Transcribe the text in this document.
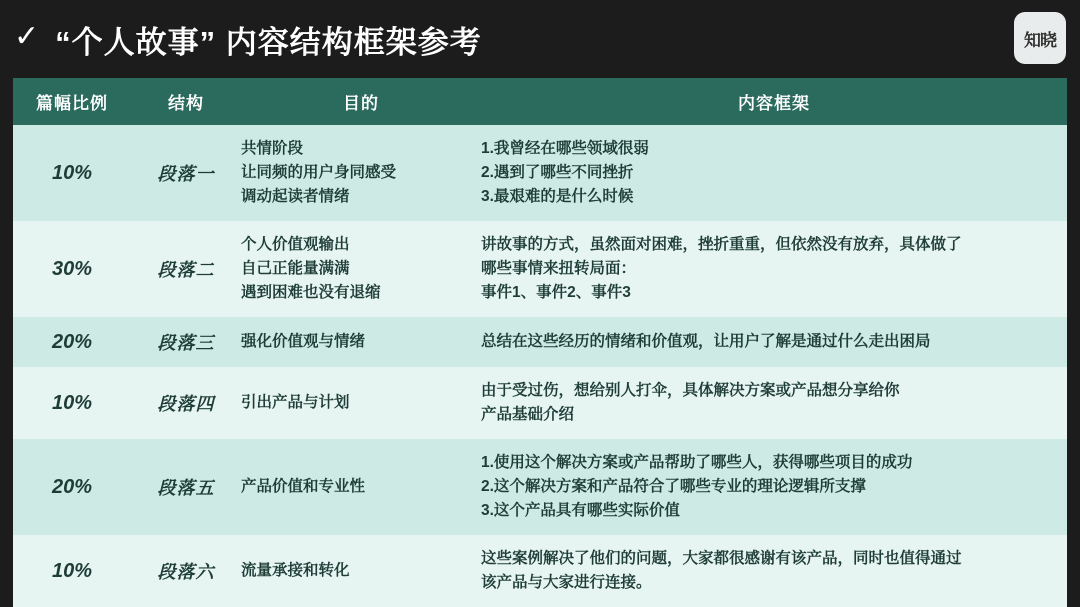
✓ “个人故事” 内容结构框架参考	知晓
篇幅比例	结构	目的	内容框架
10%	段落一	共情阶段
让同频的用户身同感受
调动起读者情绪	1.我曾经在哪些领域很弱
2.遇到了哪些不同挫折
3.最艰难的是什么时候

30%	段落二	个人价值观输出
自己正能量满满
遇到困难也没有退缩	讲故事的方式，虽然面对困难，挫折重重，但依然没有放弃，具体做了
哪些事情来扭转局面：
事件1、事件2、事件3

20%	段落三	强化价值观与情绪	总结在这些经历的情绪和价值观，让用户了解是通过什么走出困局

10%	段落四	引出产品与计划	由于受过伤，想给别人打伞，具体解决方案或产品想分享给你
产品基础介绍

20%	段落五	产品价值和专业性	1.使用这个解决方案或产品帮助了哪些人，获得哪些项目的成功
2.这个解决方案和产品符合了哪些专业的理论逻辑所支撑
3.这个产品具有哪些实际价值

10%	段落六	流量承接和转化	这些案例解决了他们的问题，大家都很感谢有该产品，同时也值得通过
该产品与大家进行连接。
